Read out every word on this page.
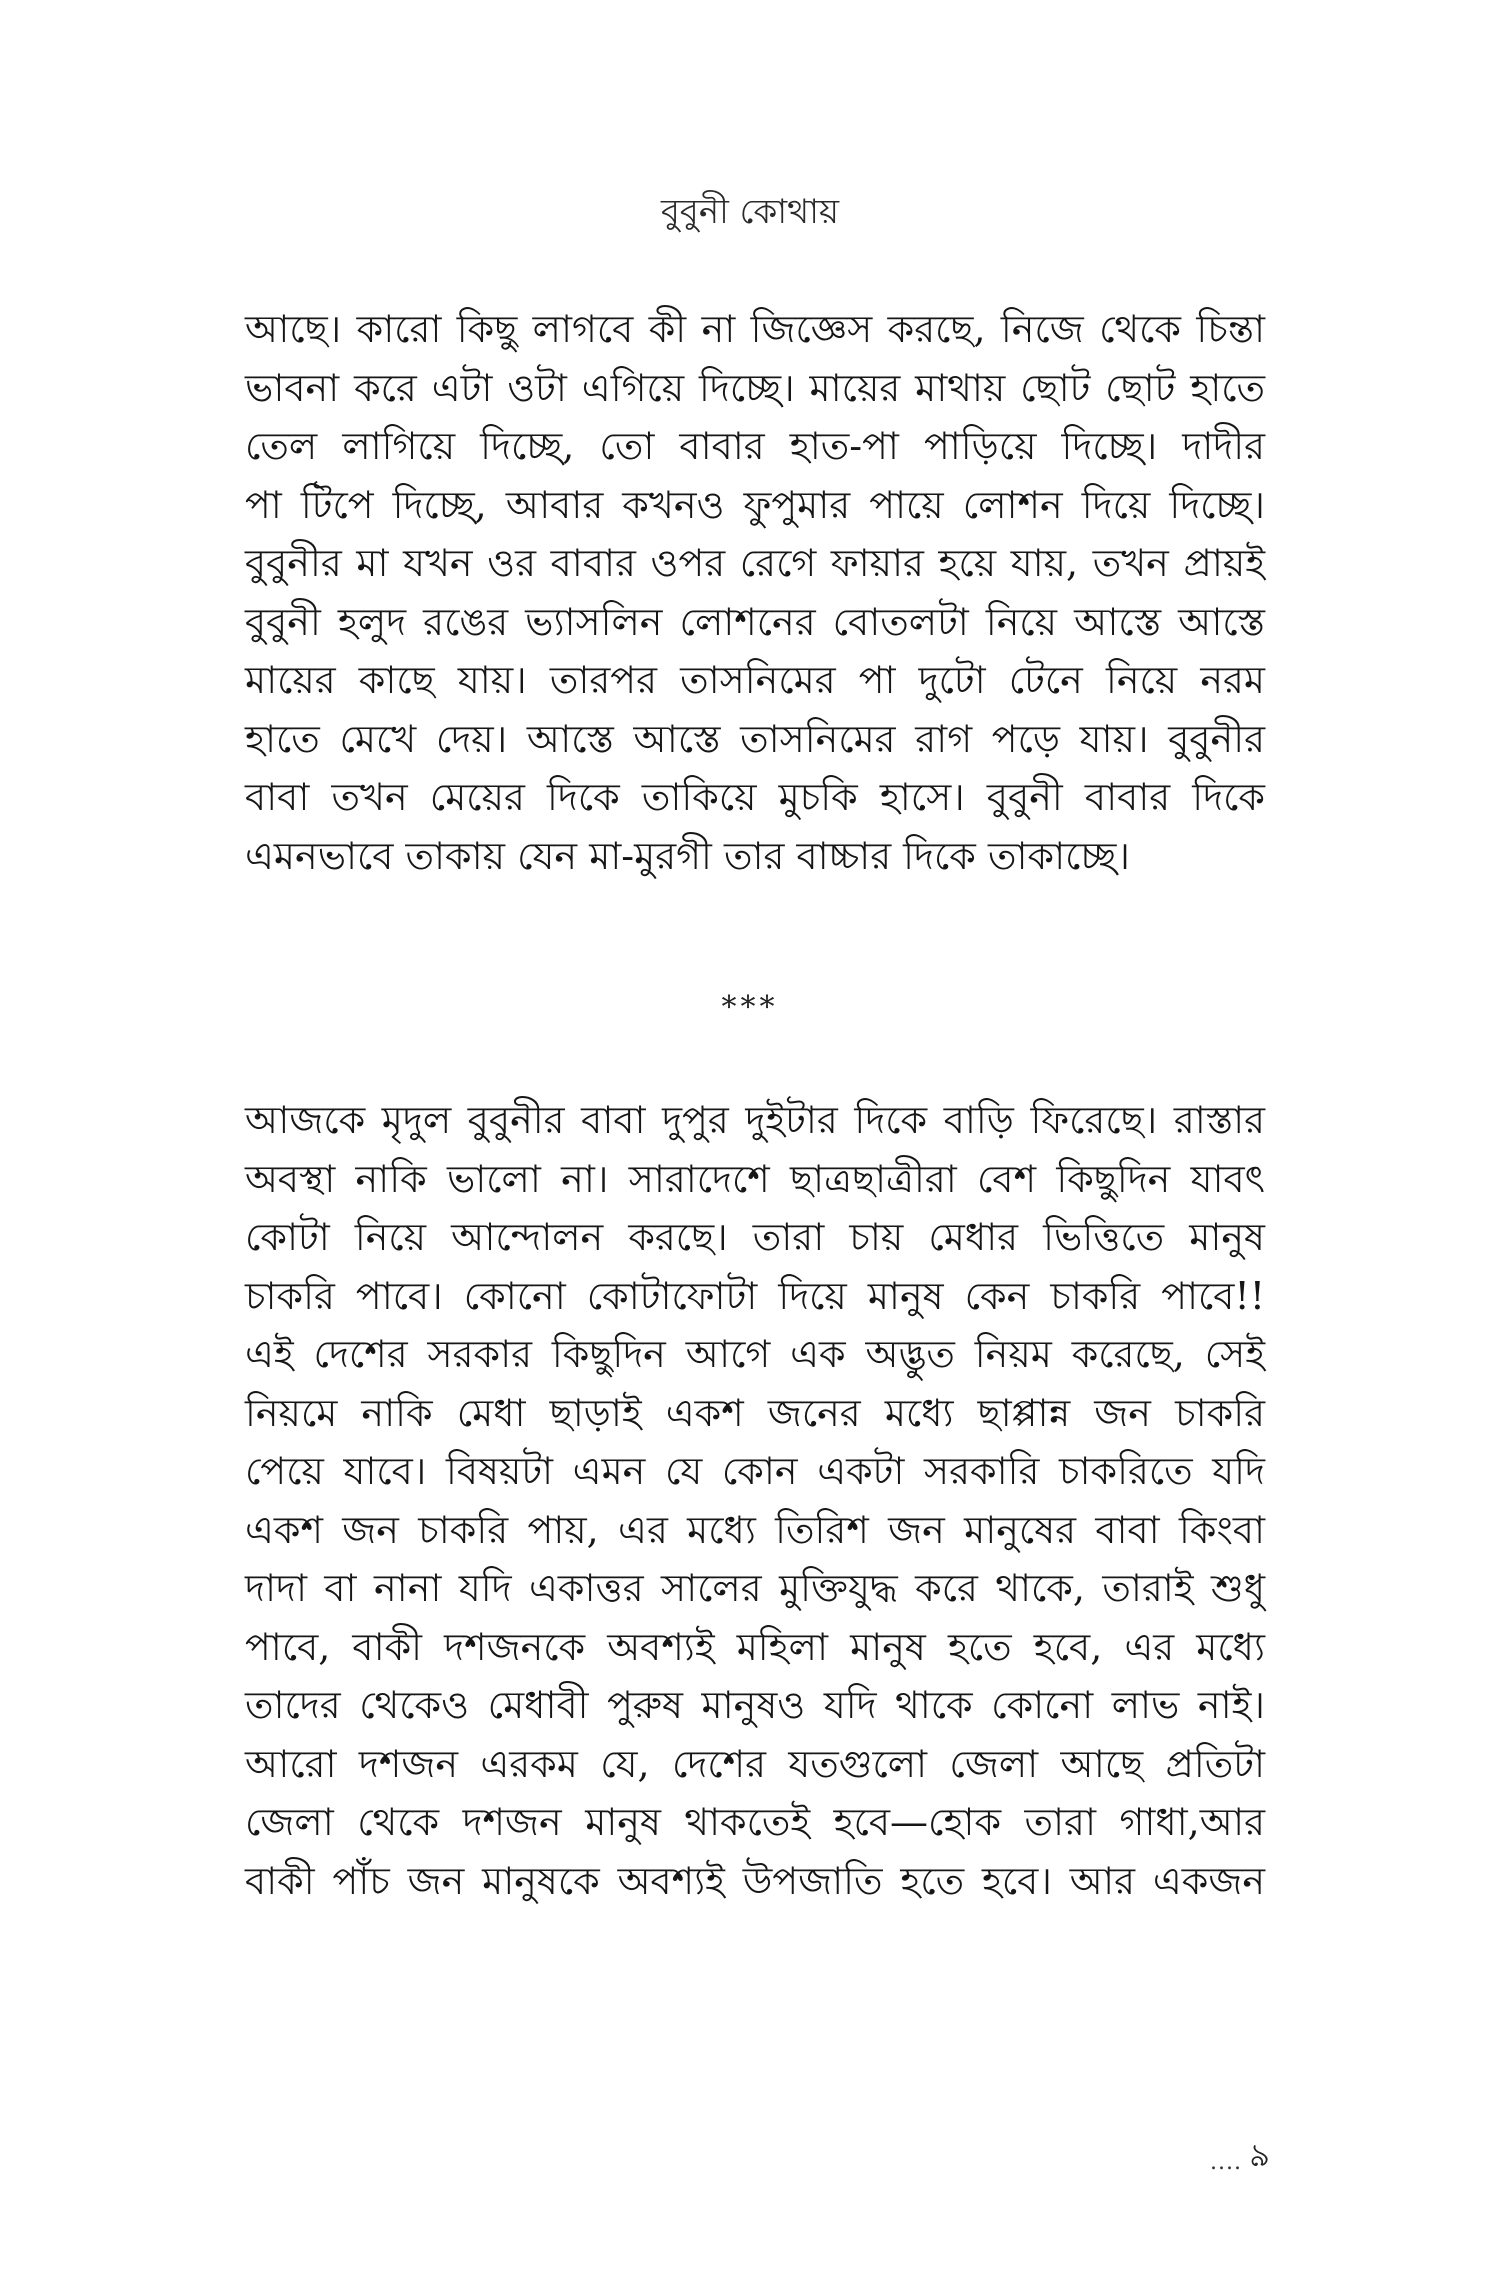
বুবুনী কোথায়
আছে। কারো কিছু লাগবে কী না জিজ্ঞেস করছে, নিজে থেকে চিন্তা
ভাবনা করে এটা ওটা এগিয়ে দিচ্ছে। মায়ের মাথায় ছোট ছোট হাতে
তেল লাগিয়ে দিচ্ছে, তো বাবার হাত-পা পাড়িয়ে দিচ্ছে। দাদীর
পা টিপে দিচ্ছে, আবার কখনও ফুপুমার পায়ে লোশন দিয়ে দিচ্ছে।
বুবুনীর মা যখন ওর বাবার ওপর রেগে ফায়ার হয়ে যায়, তখন প্রায়ই
বুবুনী হলুদ রঙের ভ্যাসলিন লোশনের বোতলটা নিয়ে আস্তে আস্তে
মায়ের কাছে যায়। তারপর তাসনিমের পা দুটো টেনে নিয়ে নরম
হাতে মেখে দেয়। আস্তে আস্তে তাসনিমের রাগ পড়ে যায়। বুবুনীর
বাবা তখন মেয়ের দিকে তাকিয়ে মুচকি হাসে। বুবুনী বাবার দিকে
এমনভাবে তাকায় যেন মা-মুরগী তার বাচ্চার দিকে তাকাচ্ছে।
***
আজকে মৃদুল বুবুনীর বাবা দুপুর দুইটার দিকে বাড়ি ফিরেছে। রাস্তার
অবস্থা নাকি ভালো না। সারাদেশে ছাত্রছাত্রীরা বেশ কিছুদিন যাবৎ
কোটা নিয়ে আন্দোলন করছে। তারা চায় মেধার ভিত্তিতে মানুষ
চাকরি পাবে। কোনো কোটাফোটা দিয়ে মানুষ কেন চাকরি পাবে!!
এই দেশের সরকার কিছুদিন আগে এক অদ্ভুত নিয়ম করেছে, সেই
নিয়মে নাকি মেধা ছাড়াই একশ জনের মধ্যে ছাপ্পান্ন জন চাকরি
পেয়ে যাবে। বিষয়টা এমন যে কোন একটা সরকারি চাকরিতে যদি
একশ জন চাকরি পায়, এর মধ্যে তিরিশ জন মানুষের বাবা কিংবা
দাদা বা নানা যদি একাত্তর সালের মুক্তিযুদ্ধ করে থাকে, তারাই শুধু
পাবে, বাকী দশজনকে অবশ্যই মহিলা মানুষ হতে হবে, এর মধ্যে
তাদের থেকেও মেধাবী পুরুষ মানুষও যদি থাকে কোনো লাভ নাই।
আরো দশজন এরকম যে, দেশের যতগুলো জেলা আছে প্রতিটা
জেলা থেকে দশজন মানুষ থাকতেই হবে—হোক তারা গাধা,আর
বাকী পাঁচ জন মানুষকে অবশ্যই উপজাতি হতে হবে। আর একজন
৯
....
